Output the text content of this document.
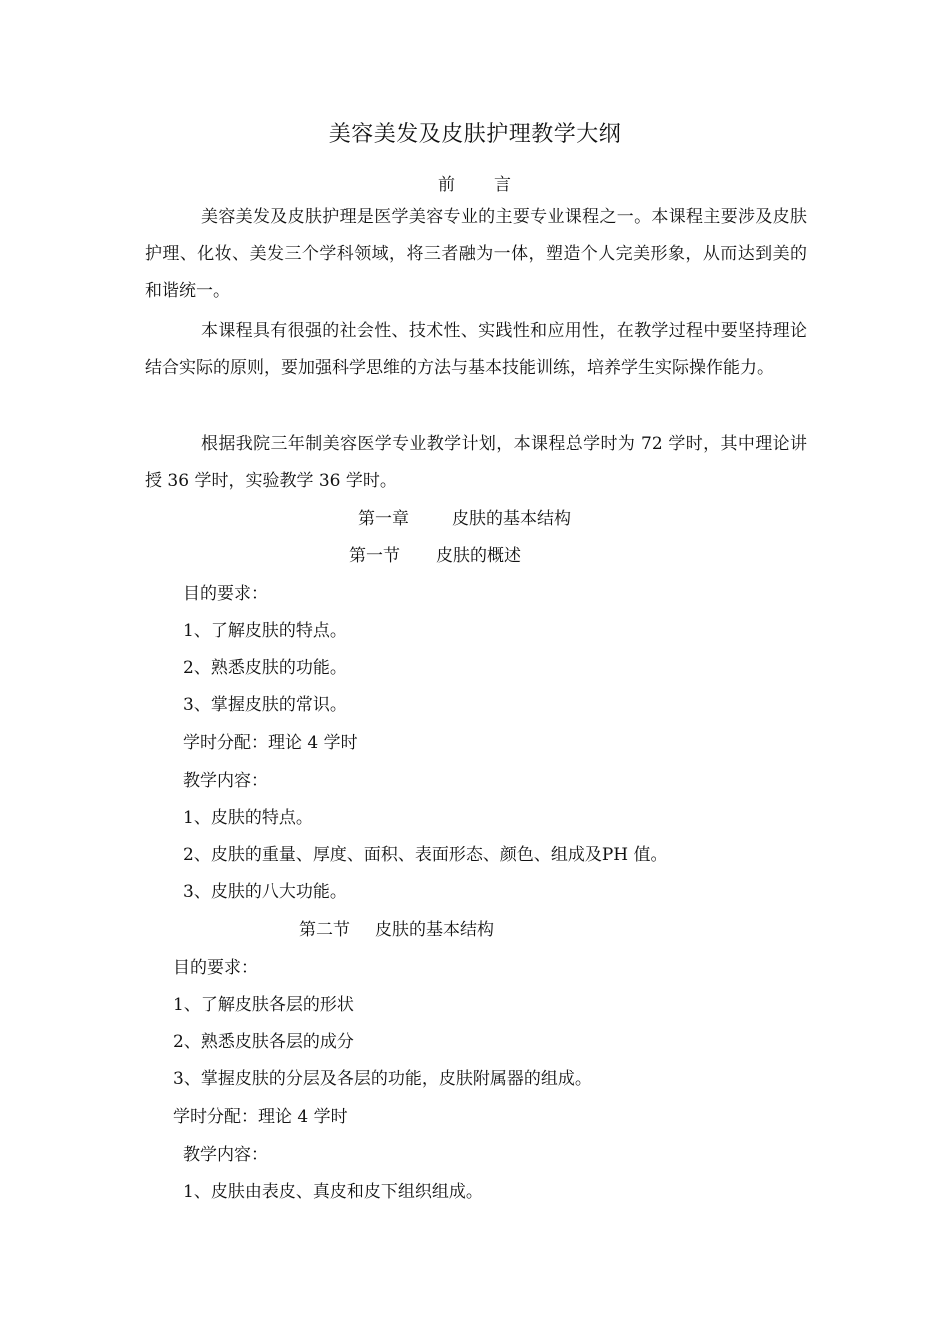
美容美发及皮肤护理教学大纲
前 言

美容美发及皮肤护理是医学美容专业的主要专业课程之一。本课程主要涉及皮肤护理、化妆、美发三个学科领域，将三者融为一体，塑造个人完美形象，从而达到美的和谐统一。

本课程具有很强的社会性、技术性、实践性和应用性，在教学过程中要坚持理论结合实际的原则，要加强科学思维的方法与基本技能训练，培养学生实际操作能力。

根据我院三年制美容医学专业教学计划，本课程总学时为 72 学时，其中理论讲授 36 学时，实验教学 36 学时。

第一章	皮肤的基本结构
第一节 皮肤的概述
目的要求：
1、了解皮肤的特点。
2、熟悉皮肤的功能。
3、掌握皮肤的常识。
学时分配：理论 4 学时
教学内容：
1、皮肤的特点。
2、皮肤的重量、厚度、面积、表面形态、颜色、组成及PH 值。
3、皮肤的八大功能。
第二节 皮肤的基本结构
目的要求：
1、了解皮肤各层的形状
2、熟悉皮肤各层的成分
3、掌握皮肤的分层及各层的功能，皮肤附属器的组成。
学时分配：理论 4 学时
教学内容：
1、皮肤由表皮、真皮和皮下组织组成。
